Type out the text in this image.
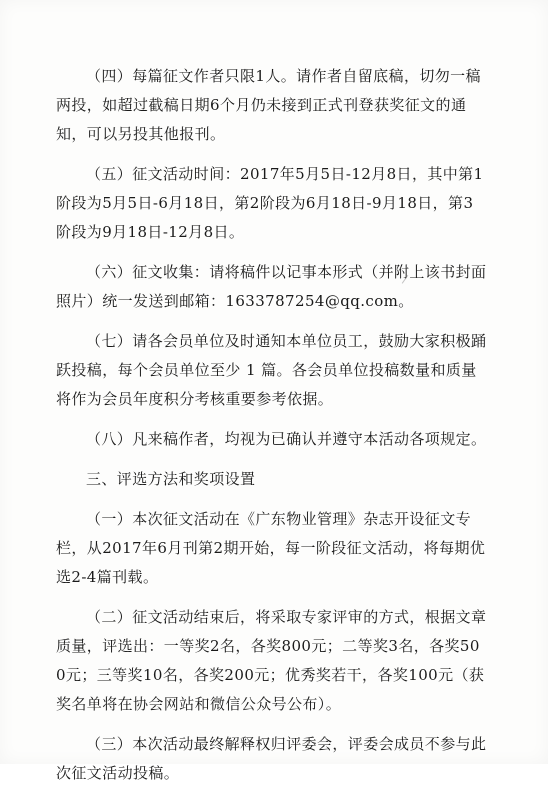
（四）每篇征文作者只限1人。请作者自留底稿，切勿一稿两投，如超过截稿日期6个月仍未接到正式刊登获奖征文的通知，可以另投其他报刊。

（五）征文活动时间：2017年5月5日-12月8日，其中第1阶段为5月5日-6月18日，第2阶段为6月18日-9月18日，第3阶段为9月18日-12月8日。

（六）征文收集：请将稿件以记事本形式（并附上该书封面照片）统一发送到邮箱：1633787254@qq.com。

（七）请各会员单位及时通知本单位员工，鼓励大家积极踊跃投稿，每个会员单位至少 1 篇。各会员单位投稿数量和质量将作为会员年度积分考核重要参考依据。

（八）凡来稿作者，均视为已确认并遵守本活动各项规定。

三、评选方法和奖项设置

（一）本次征文活动在《广东物业管理》杂志开设征文专栏，从2017年6月刊第2期开始，每一阶段征文活动，将每期优选2-4篇刊载。

（二）征文活动结束后，将采取专家评审的方式，根据文章质量，评选出：一等奖2名，各奖800元；二等奖3名，各奖500元；三等奖10名，各奖200元；优秀奖若干，各奖100元（获奖名单将在协会网站和微信公众号公布）。

（三）本次活动最终解释权归评委会，评委会成员不参与此次征文活动投稿。
